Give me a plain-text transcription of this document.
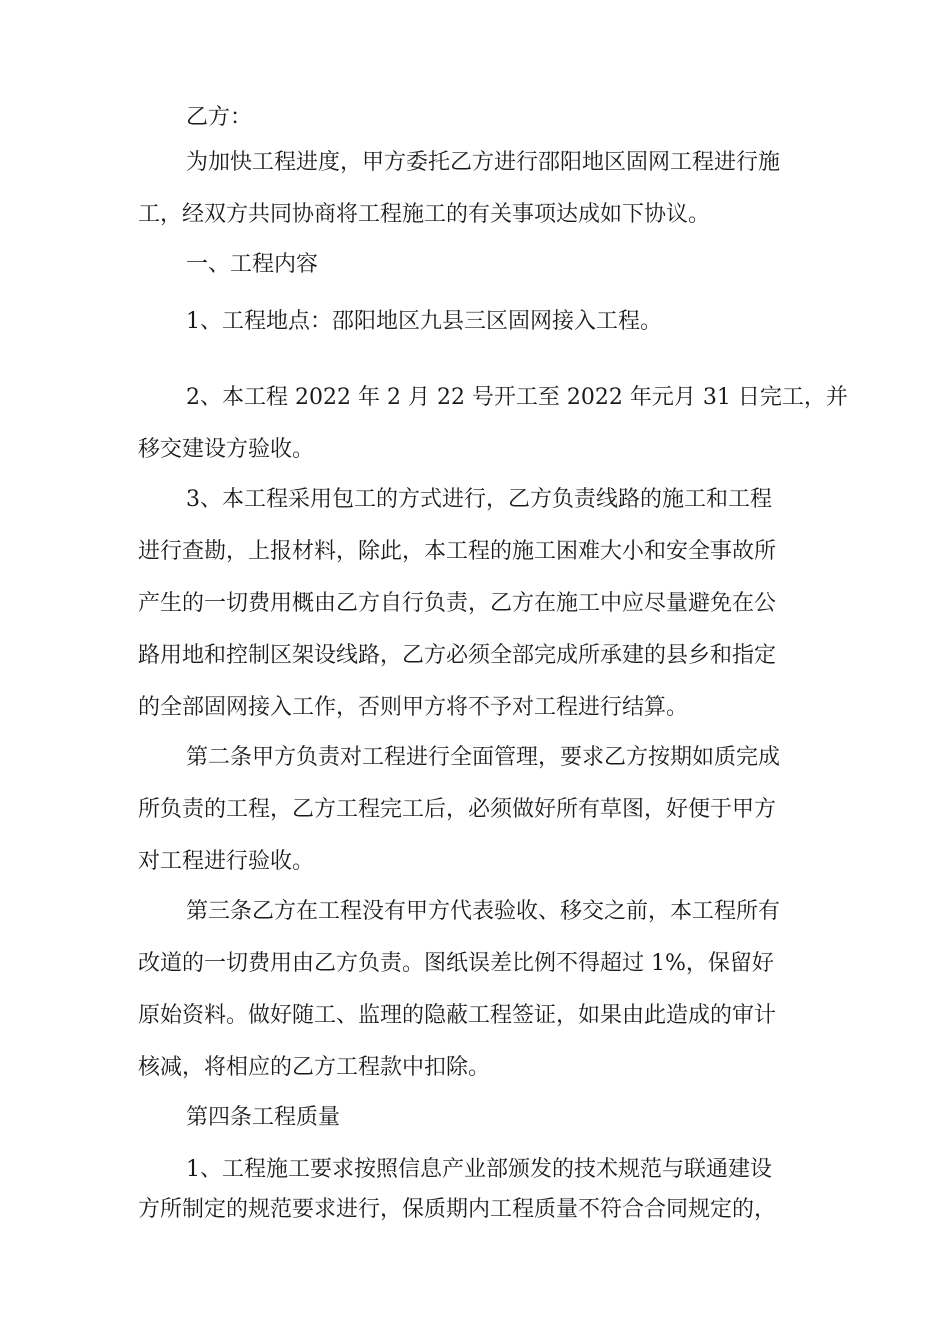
乙方：
为加快工程进度，甲方委托乙方进行邵阳地区固网工程进行施
工，经双方共同协商将工程施工的有关事项达成如下协议。
一、工程内容
1、工程地点：邵阳地区九县三区固网接入工程。
2、本工程 2022 年 2 月 22 号开工至 2022 年元月 31 日完工，并
移交建设方验收。
3、本工程采用包工的方式进行，乙方负责线路的施工和工程
进行查勘，上报材料，除此，本工程的施工困难大小和安全事故所
产生的一切费用概由乙方自行负责，乙方在施工中应尽量避免在公
路用地和控制区架设线路，乙方必须全部完成所承建的县乡和指定
的全部固网接入工作，否则甲方将不予对工程进行结算。
第二条甲方负责对工程进行全面管理，要求乙方按期如质完成
所负责的工程，乙方工程完工后，必须做好所有草图，好便于甲方
对工程进行验收。
第三条乙方在工程没有甲方代表验收、移交之前，本工程所有
改道的一切费用由乙方负责。图纸误差比例不得超过 1%，保留好
原始资料。做好随工、监理的隐蔽工程签证，如果由此造成的审计
核减，将相应的乙方工程款中扣除。
第四条工程质量
1、工程施工要求按照信息产业部颁发的技术规范与联通建设
方所制定的规范要求进行，保质期内工程质量不符合合同规定的，
